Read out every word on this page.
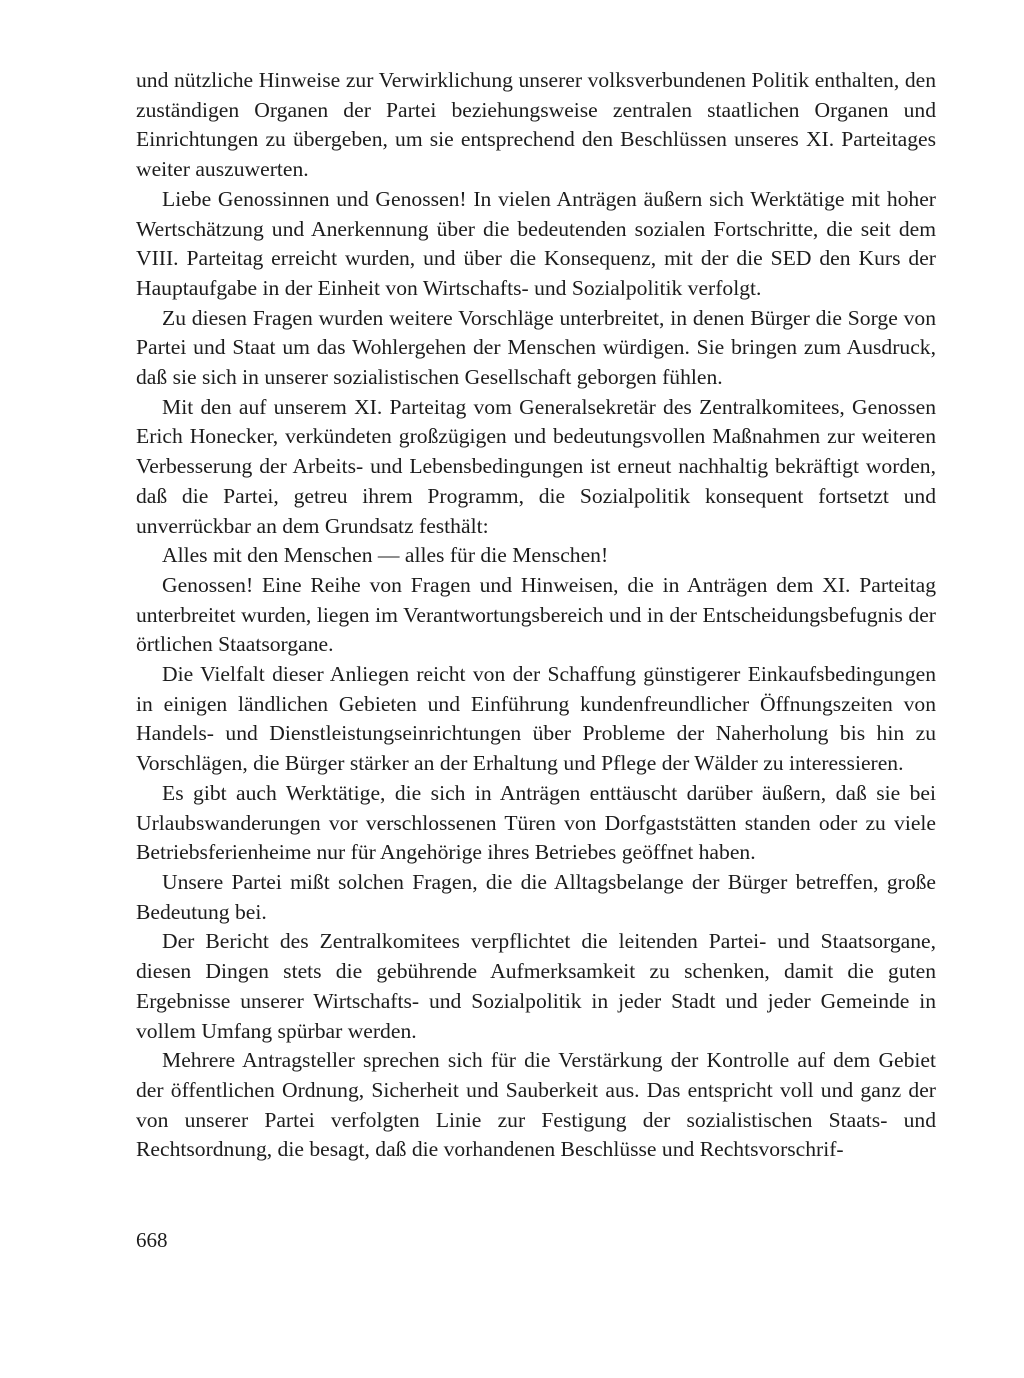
und nützliche Hinweise zur Verwirklichung unserer volksverbundenen Politik enthalten, den zuständigen Organen der Partei beziehungsweise zentralen staatlichen Organen und Einrichtungen zu übergeben, um sie entsprechend den Beschlüssen unseres XI. Parteitages weiter auszuwerten.

Liebe Genossinnen und Genossen! In vielen Anträgen äußern sich Werktätige mit hoher Wertschätzung und Anerkennung über die bedeutenden sozialen Fortschritte, die seit dem VIII. Parteitag erreicht wurden, und über die Konsequenz, mit der die SED den Kurs der Hauptaufgabe in der Einheit von Wirtschafts- und Sozialpolitik verfolgt.

Zu diesen Fragen wurden weitere Vorschläge unterbreitet, in denen Bürger die Sorge von Partei und Staat um das Wohlergehen der Menschen würdigen. Sie bringen zum Ausdruck, daß sie sich in unserer sozialistischen Gesellschaft geborgen fühlen.

Mit den auf unserem XI. Parteitag vom Generalsekretär des Zentralkomitees, Genossen Erich Honecker, verkündeten großzügigen und bedeutungsvollen Maßnahmen zur weiteren Verbesserung der Arbeits- und Lebensbedingungen ist erneut nachhaltig bekräftigt worden, daß die Partei, getreu ihrem Programm, die Sozialpolitik konsequent fortsetzt und unverrückbar an dem Grundsatz festhält:

Alles mit den Menschen — alles für die Menschen!

Genossen! Eine Reihe von Fragen und Hinweisen, die in Anträgen dem XI. Parteitag unterbreitet wurden, liegen im Verantwortungsbereich und in der Entscheidungsbefugnis der örtlichen Staatsorgane.

Die Vielfalt dieser Anliegen reicht von der Schaffung günstigerer Einkaufsbedingungen in einigen ländlichen Gebieten und Einführung kundenfreundlicher Öffnungszeiten von Handels- und Dienstleistungseinrichtungen über Probleme der Naherholung bis hin zu Vorschlägen, die Bürger stärker an der Erhaltung und Pflege der Wälder zu interessieren.

Es gibt auch Werktätige, die sich in Anträgen enttäuscht darüber äußern, daß sie bei Urlaubswanderungen vor verschlossenen Türen von Dorfgaststätten standen oder zu viele Betriebsferienheime nur für Angehörige ihres Betriebes geöffnet haben.

Unsere Partei mißt solchen Fragen, die die Alltagsbelange der Bürger betreffen, große Bedeutung bei.

Der Bericht des Zentralkomitees verpflichtet die leitenden Partei- und Staatsorgane, diesen Dingen stets die gebührende Aufmerksamkeit zu schenken, damit die guten Ergebnisse unserer Wirtschafts- und Sozialpolitik in jeder Stadt und jeder Gemeinde in vollem Umfang spürbar werden.

Mehrere Antragsteller sprechen sich für die Verstärkung der Kontrolle auf dem Gebiet der öffentlichen Ordnung, Sicherheit und Sauberkeit aus. Das entspricht voll und ganz der von unserer Partei verfolgten Linie zur Festigung der sozialistischen Staats- und Rechtsordnung, die besagt, daß die vorhandenen Beschlüsse und Rechtsvorschrif-

668
